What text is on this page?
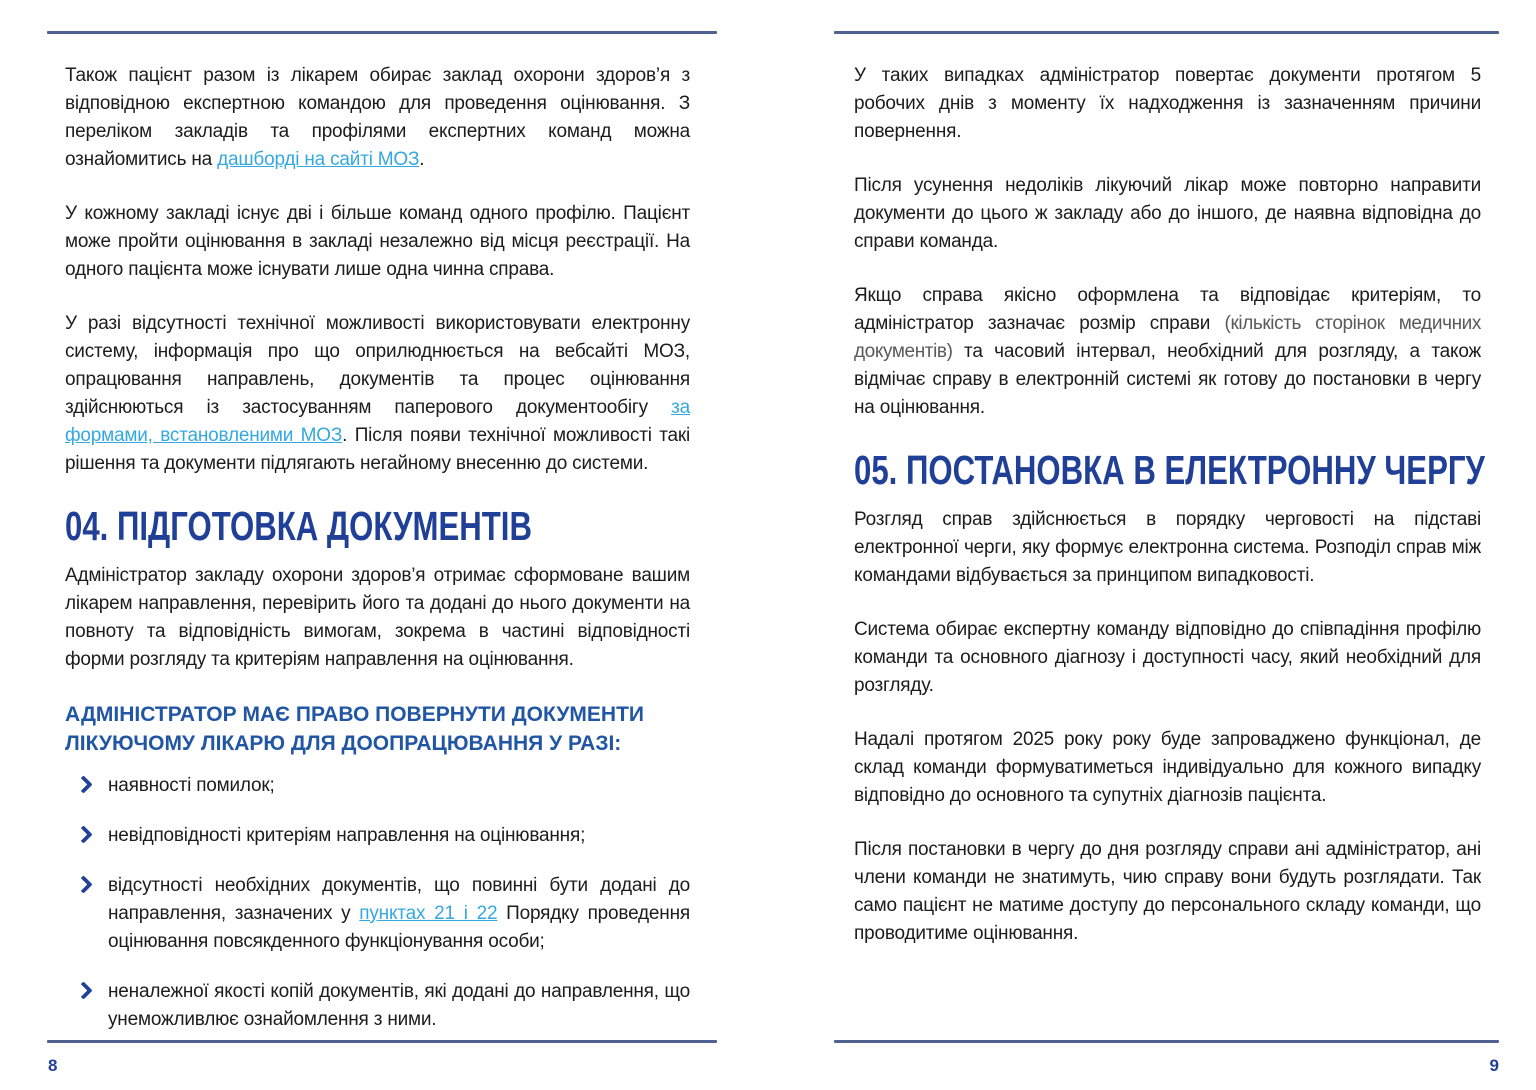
Також пацієнт разом із лікарем обирає заклад охорони здоров’я з відповідною експертною командою для проведення оцінювання. З переліком закладів та профілями експертних команд можна ознайомитись на дашборді на сайті МОЗ.

У кожному закладі існує дві і більше команд одного профілю. Пацієнт може пройти оцінювання в закладі незалежно від місця реєстрації. На одного пацієнта може існувати лише одна чинна справа.

У разі відсутності технічної можливості використовувати електронну систему, інформація про що оприлюднюється на вебсайті МОЗ, опрацювання направлень, документів та процес оцінювання здійснюються із застосуванням паперового документообігу за формами, встановленими МОЗ. Після появи технічної можливості такі рішення та документи підлягають негайному внесенню до системи.

04. ПІДГОТОВКА ДОКУМЕНТІВ

Адміністратор закладу охорони здоров’я отримає сформоване вашим лікарем направлення, перевірить його та додані до нього документи на повноту та відповідність вимогам, зокрема в частині відповідності форми розгляду та критеріям направлення на оцінювання.

АДМІНІСТРАТОР МАЄ ПРАВО ПОВЕРНУТИ ДОКУМЕНТИ ЛІКУЮЧОМУ ЛІКАРЮ ДЛЯ ДООПРАЦЮВАННЯ У РАЗІ:
наявності помилок;
невідповідності критеріям направлення на оцінювання;
відсутності необхідних документів, що повинні бути додані до направлення, зазначених у пунктах 21 і 22 Порядку проведення оцінювання повсякденного функціонування особи;
неналежної якості копій документів, які додані до направлення, що унеможливлює ознайомлення з ними.
8

У таких випадках адміністратор повертає документи протягом 5 робочих днів з моменту їх надходження із зазначенням причини повернення.

Після усунення недоліків лікуючий лікар може повторно направити документи до цього ж закладу або до іншого, де наявна відповідна до справи команда.

Якщо справа якісно оформлена та відповідає критеріям, то адміністратор зазначає розмір справи (кількість сторінок медичних документів) та часовий інтервал, необхідний для розгляду, а також відмічає справу в електронній системі як готову до постановки в чергу на оцінювання.

05. ПОСТАНОВКА В ЕЛЕКТРОННУ ЧЕРГУ

Розгляд справ здійснюється в порядку черговості на підставі електронної черги, яку формує електронна система. Розподіл справ між командами відбувається за принципом випадковості.

Система обирає експертну команду відповідно до співпадіння профілю команди та основного діагнозу і доступності часу, який необхідний для розгляду.

Надалі протягом 2025 року року буде запроваджено функціонал, де склад команди формуватиметься індивідуально для кожного випадку відповідно до основного та супутніх діагнозів пацієнта.

Після постановки в чергу до дня розгляду справи ані адміністратор, ані члени команди не знатимуть, чию справу вони будуть розглядати. Так само пацієнт не матиме доступу до персонального складу команди, що проводитиме оцінювання.

9
